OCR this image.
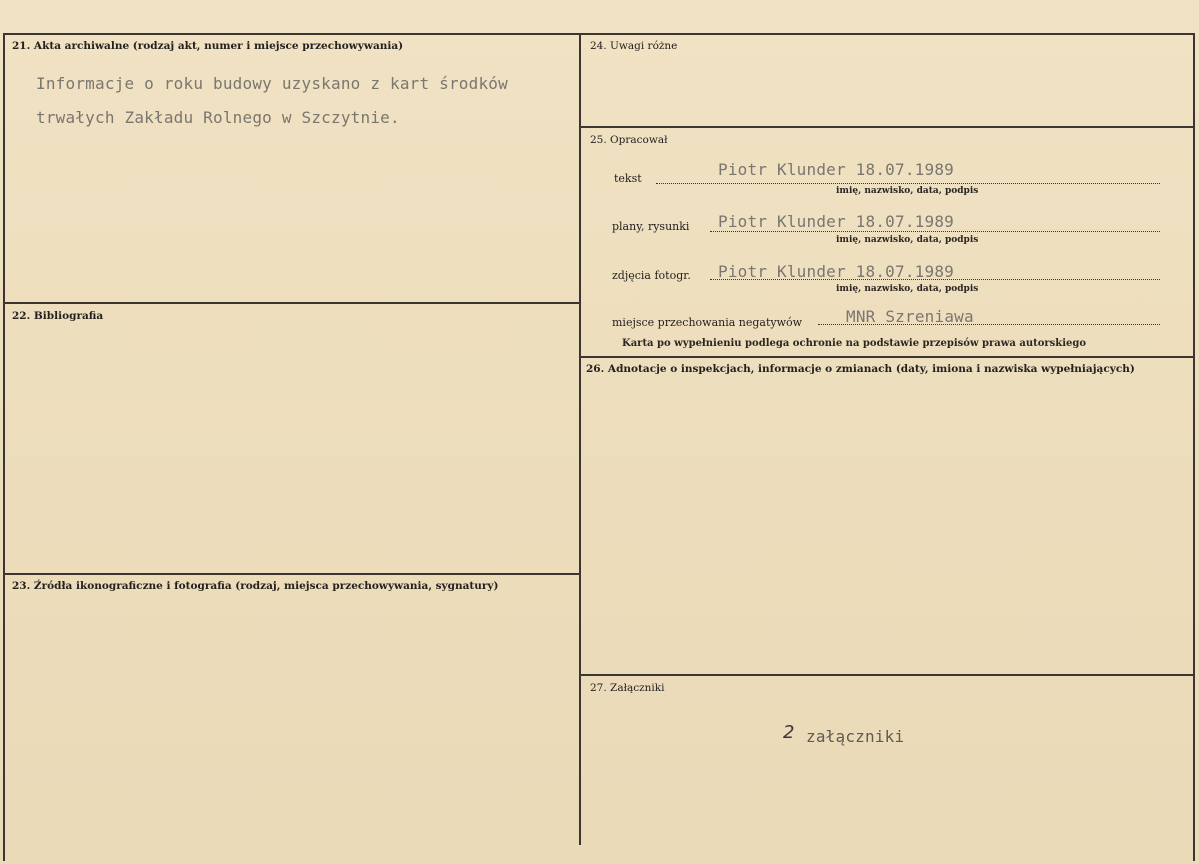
21. Akta archiwalne (rodzaj akt, numer i miejsce przechowywania)
Informacje o roku budowy uzyskano z kart środków
trwałych Zakładu Rolnego w Szczytnie.
22. Bibliografia
23. Źródła ikonograficzne i fotografia (rodzaj, miejsca przechowywania, sygnatury)
24. Uwagi różne
25. Opracował
tekst	Piotr Klunder 18.07.1989
imię, nazwisko, data, podpis
plany, rysunki Piotr Klunder 18.07.1989
imię, nazwisko, data, podpis
zdjęcia fotogr. Piotr Klunder 18.07.1989
imię, nazwisko, data, podpis
miejsce przechowania negatywów	MNR Szreniawa
Karta po wypełnieniu podlega ochronie na podstawie przepisów prawa autorskiego
26. Adnotacje o inspekcjach, informacje o zmianach (daty, imiona i nazwiska wypełniających)
27. Załączniki
2 załączniki
